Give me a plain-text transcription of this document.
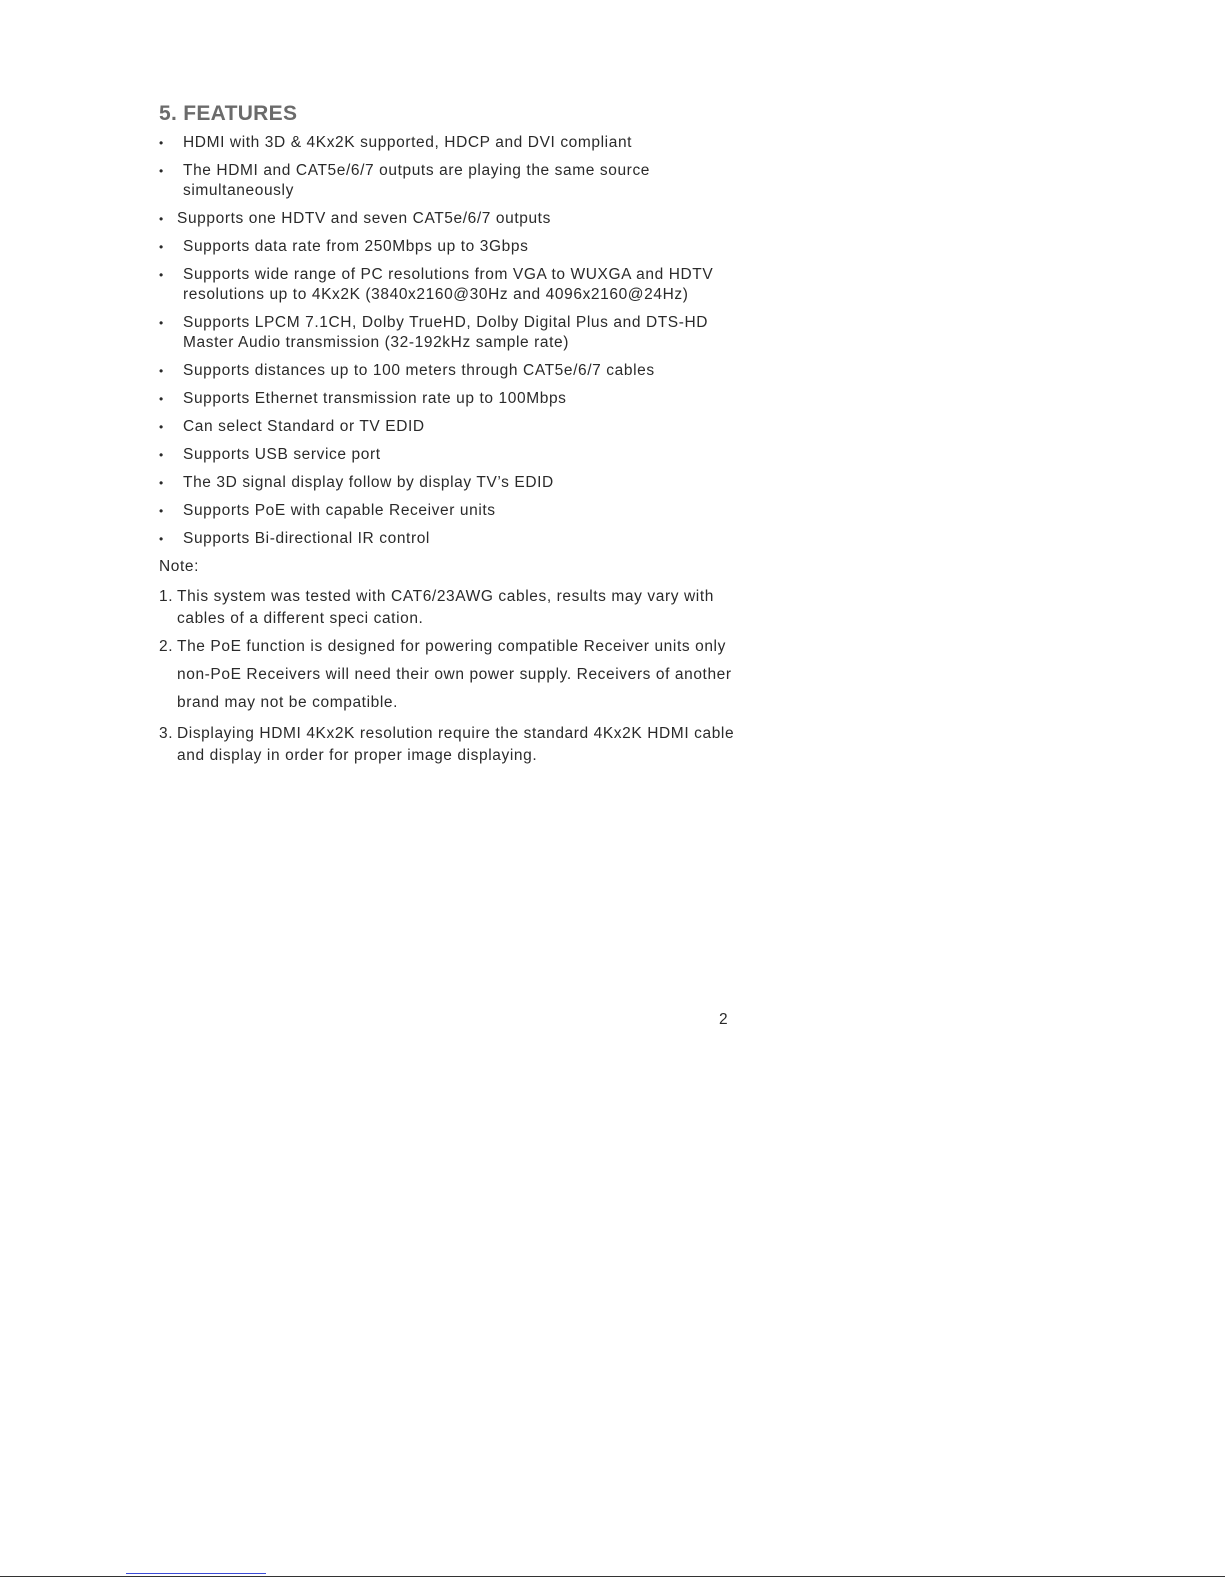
5. FEATURES
• HDMI with 3D & 4Kx2K supported, HDCP and DVI compliant
• The HDMI and CAT5e/6/7 outputs are playing the same source simultaneously
• Supports one HDTV and seven CAT5e/6/7 outputs
• Supports data rate from 250Mbps up to 3Gbps
• Supports wide range of PC resolutions from VGA to WUXGA and HDTV resolutions up to 4Kx2K (3840x2160@30Hz and 4096x2160@24Hz)
• Supports LPCM 7.1CH, Dolby TrueHD, Dolby Digital Plus and DTS-HD Master Audio transmission (32-192kHz sample rate)
• Supports distances up to 100 meters through CAT5e/6/7 cables
• Supports Ethernet transmission rate up to 100Mbps
• Can select Standard or TV EDID
• Supports USB service port
• The 3D signal display follow by display TV’s EDID
• Supports PoE with capable Receiver units
• Supports Bi-directional IR control
Note:
1. This system was tested with CAT6/23AWG cables, results may vary with cables of a different speci cation.
2. The PoE function is designed for powering compatible Receiver units only non-PoE Receivers will need their own power supply. Receivers of another brand may not be compatible.
3. Displaying HDMI 4Kx2K resolution require the standard 4Kx2K HDMI cable and display in order for proper image displaying.
2
